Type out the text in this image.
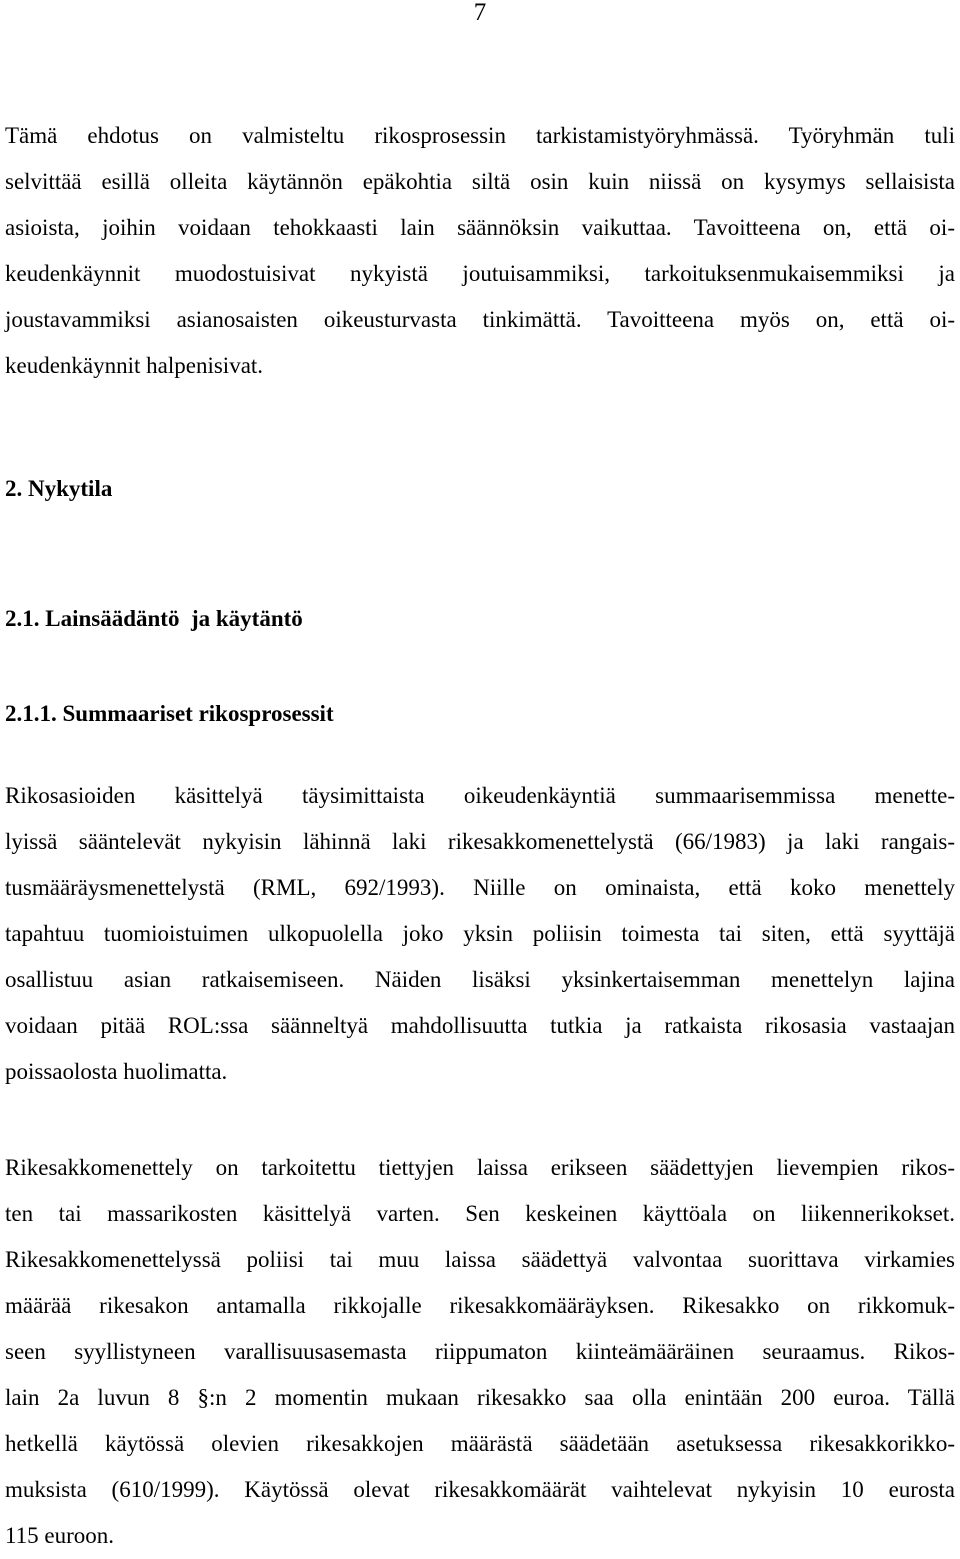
7

Tämä ehdotus on valmisteltu rikosprosessin tarkistamistyöryhmässä. Työryhmän tuli
selvittää esillä olleita käytännön epäkohtia siltä osin kuin niissä on kysymys sellaisista
asioista, joihin voidaan tehokkaasti lain säännöksin vaikuttaa. Tavoitteena on, että oi-
keudenkäynnit muodostuisivat nykyistä joutuisammiksi, tarkoituksenmukaisemmiksi ja
joustavammiksi asianosaisten oikeusturvasta tinkimättä. Tavoitteena myös on, että oi-
keudenkäynnit halpenisivat.

2. Nykytila
2.1. Lainsäädäntö  ja käytäntö
2.1.1. Summaariset rikosprosessit

Rikosasioiden käsittelyä täysimittaista oikeudenkäyntiä summaarisemmissa menette-
lyissä sääntelevät nykyisin lähinnä laki rikesakkomenettelystä (66/1983) ja laki rangais-
tusmääräysmenettelystä (RML, 692/1993). Niille on ominaista, että koko menettely
tapahtuu tuomioistuimen ulkopuolella joko yksin poliisin toimesta tai siten, että syyttäjä
osallistuu asian ratkaisemiseen. Näiden lisäksi yksinkertaisemman menettelyn lajina
voidaan pitää ROL:ssa säänneltyä mahdollisuutta tutkia ja ratkaista rikosasia vastaajan
poissaolosta huolimatta.

Rikesakkomenettely on tarkoitettu tiettyjen laissa erikseen säädettyjen lievempien rikos-
ten tai massarikosten käsittelyä varten. Sen keskeinen käyttöala on liikennerikokset.
Rikesakkomenettelyssä poliisi tai muu laissa säädettyä valvontaa suorittava virkamies
määrää rikesakon antamalla rikkojalle rikesakkomääräyksen. Rikesakko on rikkomuk-
seen syyllistyneen varallisuusasemasta riippumaton kiinteämääräinen seuraamus. Rikos-
lain 2a luvun 8 §:n 2 momentin mukaan rikesakko saa olla enintään 200 euroa. Tällä
hetkellä käytössä olevien rikesakkojen määrästä säädetään asetuksessa rikesakkorikko-
muksista (610/1999). Käytössä olevat rikesakkomäärät vaihtelevat nykyisin 10 eurosta
115 euroon.
